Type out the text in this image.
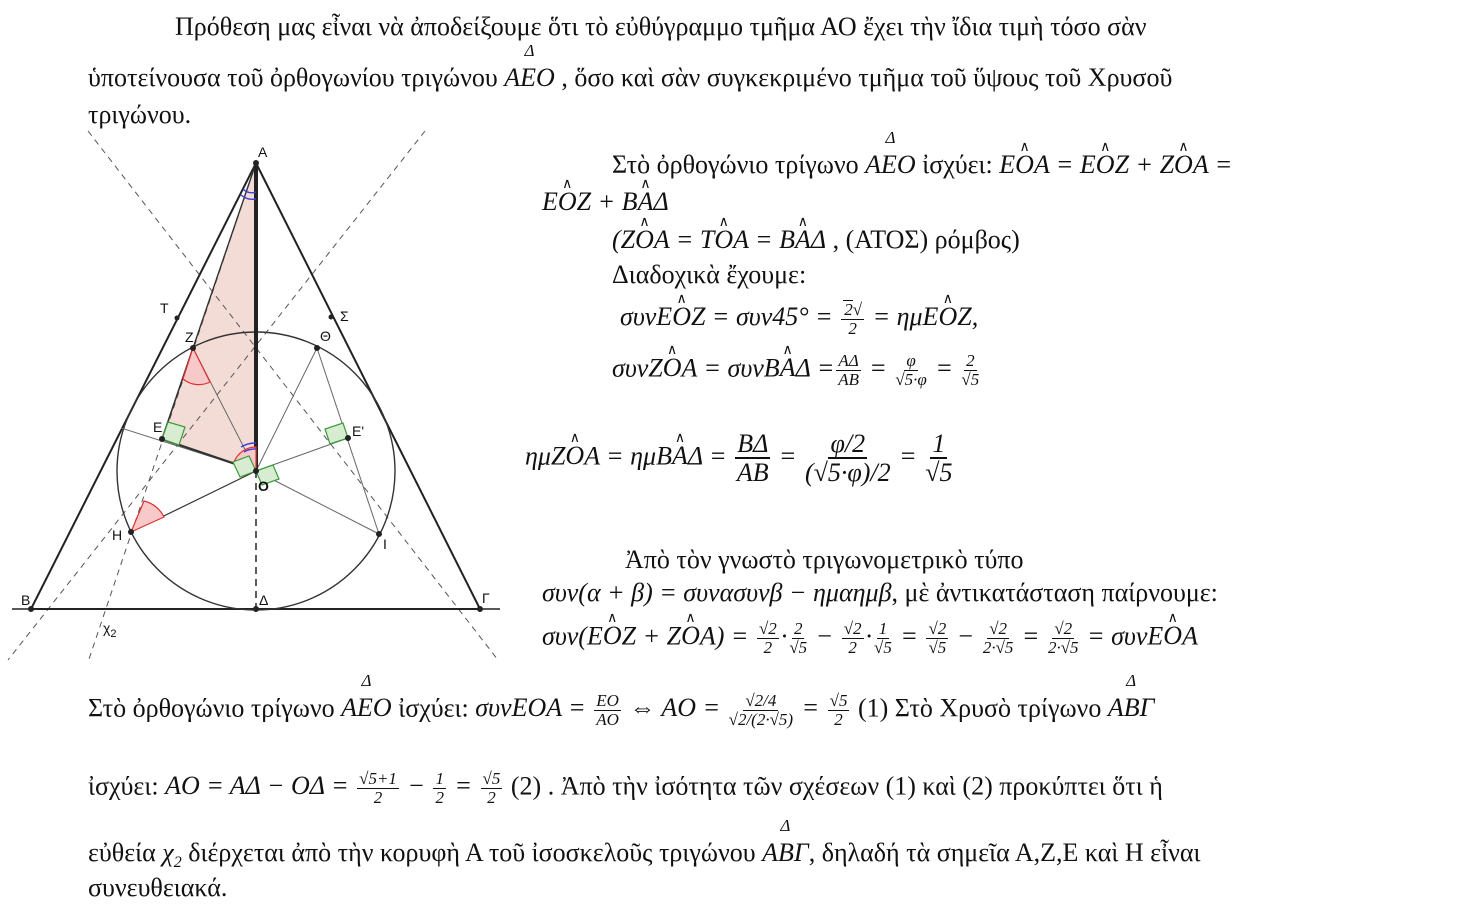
Πρόθεση μας εἶναι νὰ ἀποδείξουμε ὅτι τὸ εὐθύγραμμο τμῆμα ΑΟ ἔχει τὴν ἴδια τιμὴ τόσο σὰν
ὑποτείνουσα τοῦ ὀρθογωνίου τριγώνου Δ AEO , ὅσο καὶ σὰν συγκεκριμένο τμῆμα τοῦ ὕψους τοῦ Χρυσοῦ
τριγώνου.
A
B	Γ
Δ
O
T	Σ
Z	Θ
E	E'
H
I
$\chi_2$
Στὸ ὀρθογώνιο τρίγωνο Δ AEO ἰσχύει: EO ∧A = EO ∧Z + ZO ∧A =
EO ∧Z + BA ∧Δ
(ZO ∧A = TO ∧A = BA ∧Δ , (ΑΤΟΣ) ρόμβος)
Διαδοχικὰ ἔχουμε:
συνEO ∧Z = $\sigma\upsilon\nu 45^\circ = \frac{2√}{2} = \eta\mu EO$ ∧Z,
συνZO ∧A = συνBA ∧Δ = $\frac{A\Delta}{AB} = \frac{\varphi}{√5\cdot\varphi} = \frac{2}{√5}$
ημZO ∧A = ημBA ∧Δ = $\frac{B\Delta}{AB} = \frac{\varphi/2}{(√5\cdot\varphi)/2} = \frac{1}{√5}$
Ἀπὸ τὸν γνωστὸ τριγωνομετρικὸ τύπο
συν(α + β) = συνασυνβ − ημαημβ, μὲ ἀντικατάσταση παίρνουμε:
συν(EO ∧Z + ZO ∧A) = $\frac{√2}{2} \cdot \frac{2}{√5} - \frac{√2}{2} \cdot \frac{1}{√5} = \frac{√2}{√5} - \frac{√2}{2\cdot√5} = \frac{√2}{2\cdot√5} = \sigma\upsilon\nu EO$ ∧A
Στὸ ὀρθογώνιο τρίγωνο Δ AEO ἰσχύει: $\sigma\upsilon\nu EOA = \frac{EO}{AO}$ ⇔ AO = $\frac{√2/4}{√2/(2\cdot√5)} = \frac{√5}{2} (1)$ Στὸ Χρυσὸ τρίγωνο Δ ABΓ
ἰσχύει: AO = $A\Delta - O\Delta = \frac{√5+1}{2} - \frac{1}{2} = \frac{√5}{2} (2)$ . Ἀπὸ τὴν ἰσότητα τῶν σχέσεων (1) καὶ (2) προκύπτει ὅτι ἡ
εὐθεία $\chi_2$ διέρχεται ἀπὸ τὴν κορυφὴ Α τοῦ ἰσοσκελοῦς τριγώνου Δ ABΓ, δηλαδή τὰ σημεῖα Α,Ζ,Ε καὶ Η εἶναι
συνευθειακά.
